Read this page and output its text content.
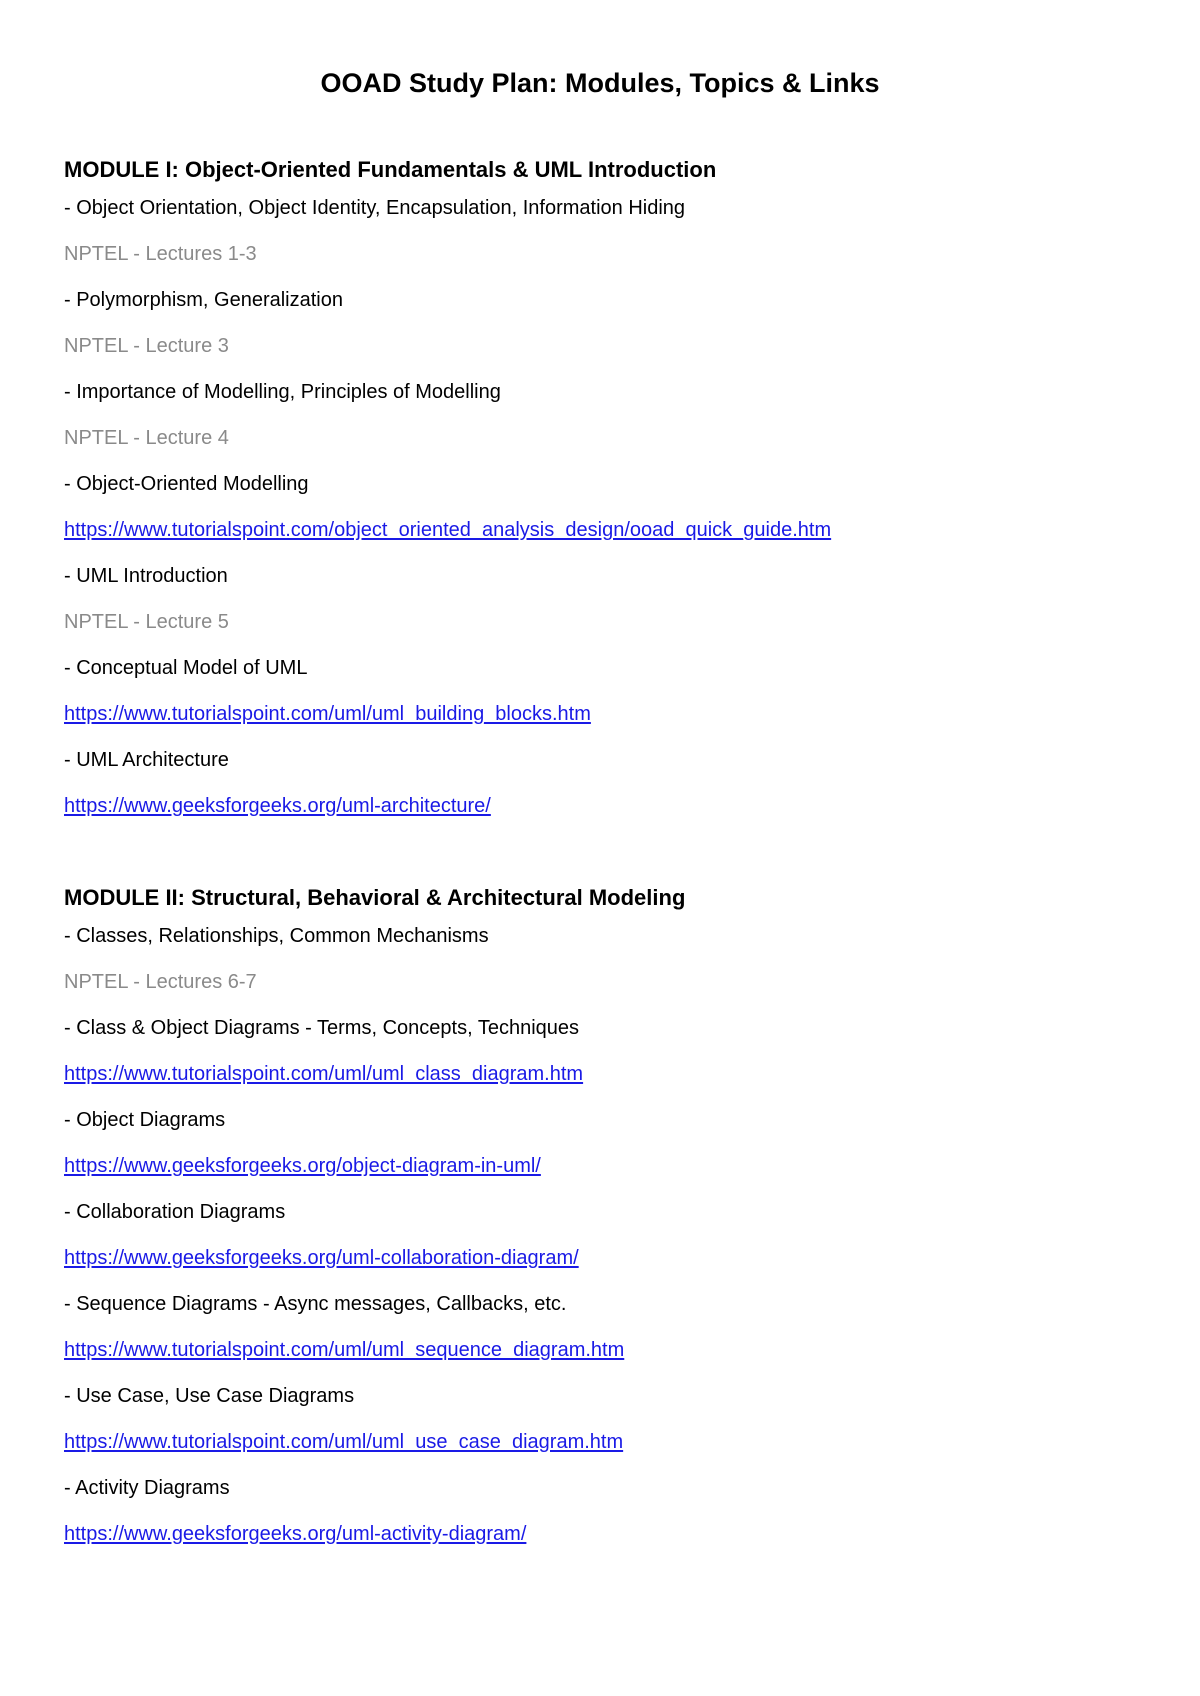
OOAD Study Plan: Modules, Topics & Links
MODULE I: Object-Oriented Fundamentals & UML Introduction
- Object Orientation, Object Identity, Encapsulation, Information Hiding
NPTEL - Lectures 1-3
- Polymorphism, Generalization
NPTEL - Lecture 3
- Importance of Modelling, Principles of Modelling
NPTEL - Lecture 4
- Object-Oriented Modelling
https://www.tutorialspoint.com/object_oriented_analysis_design/ooad_quick_guide.htm
- UML Introduction
NPTEL - Lecture 5
- Conceptual Model of UML
https://www.tutorialspoint.com/uml/uml_building_blocks.htm
- UML Architecture
https://www.geeksforgeeks.org/uml-architecture/
MODULE II: Structural, Behavioral & Architectural Modeling
- Classes, Relationships, Common Mechanisms
NPTEL - Lectures 6-7
- Class & Object Diagrams - Terms, Concepts, Techniques
https://www.tutorialspoint.com/uml/uml_class_diagram.htm
- Object Diagrams
https://www.geeksforgeeks.org/object-diagram-in-uml/
- Collaboration Diagrams
https://www.geeksforgeeks.org/uml-collaboration-diagram/
- Sequence Diagrams - Async messages, Callbacks, etc.
https://www.tutorialspoint.com/uml/uml_sequence_diagram.htm
- Use Case, Use Case Diagrams
https://www.tutorialspoint.com/uml/uml_use_case_diagram.htm
- Activity Diagrams
https://www.geeksforgeeks.org/uml-activity-diagram/
